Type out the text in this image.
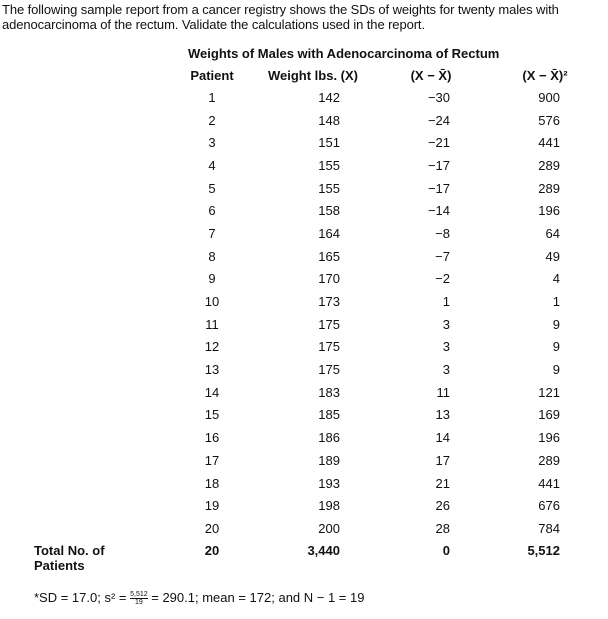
The following sample report from a cancer registry shows the SDs of weights for twenty males with adenocarcinoma of the rectum. Validate the calculations used in the report.
Weights of Males with Adenocarcinoma of Rectum
	Patient	Weight lbs. (X)	(X − X̄)	(X − X̄)²
	1	142	−30	900
	2	148	−24	576
	3	151	−21	441
	4	155	−17	289
	5	155	−17	289
	6	158	−14	196
	7	164	−8	64
	8	165	−7	49
	9	170	−2	4
	10	173	1	1
	11	175	3	9
	12	175	3	9
	13	175	3	9
	14	183	11	121
	15	185	13	169
	16	186	14	196
	17	189	17	289
	18	193	21	441
	19	198	26	676
	20	200	28	784

Total No. of
Patients	20	3,440	0	5,512
*SD = 17.0; $s^2 = \frac{5,512}{19} = 290.1$; mean = 172; and N − 1 = 19
